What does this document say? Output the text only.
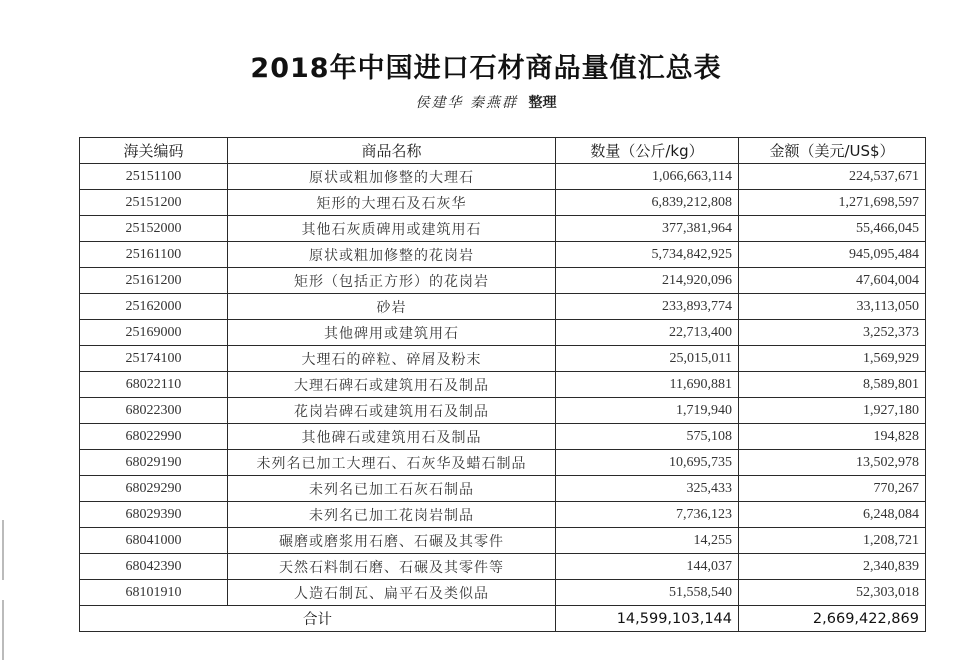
2018年中国进口石材商品量值汇总表
侯建华 秦燕群 整理
海关编码	商品名称	数量（公斤/kg）	金额（美元/US$）
25151100	原状或粗加修整的大理石	1,066,663,114	224,537,671
25151200	矩形的大理石及石灰华	6,839,212,808	1,271,698,597
25152000	其他石灰质碑用或建筑用石	377,381,964	55,466,045
25161100	原状或粗加修整的花岗岩	5,734,842,925	945,095,484
25161200	矩形（包括正方形）的花岗岩	214,920,096	47,604,004
25162000	砂岩	233,893,774	33,113,050
25169000	其他碑用或建筑用石	22,713,400	3,252,373
25174100	大理石的碎粒、碎屑及粉末	25,015,011	1,569,929
68022110	大理石碑石或建筑用石及制品	11,690,881	8,589,801
68022300	花岗岩碑石或建筑用石及制品	1,719,940	1,927,180
68022990	其他碑石或建筑用石及制品	575,108	194,828
68029190	未列名已加工大理石、石灰华及蜡石制品	10,695,735	13,502,978
68029290	未列名已加工石灰石制品	325,433	770,267
68029390	未列名已加工花岗岩制品	7,736,123	6,248,084
68041000	碾磨或磨浆用石磨、石碾及其零件	14,255	1,208,721
68042390	天然石料制石磨、石碾及其零件等	144,037	2,340,839
68101910	人造石制瓦、扁平石及类似品	51,558,540	52,303,018
合计		14,599,103,144	2,669,422,869
